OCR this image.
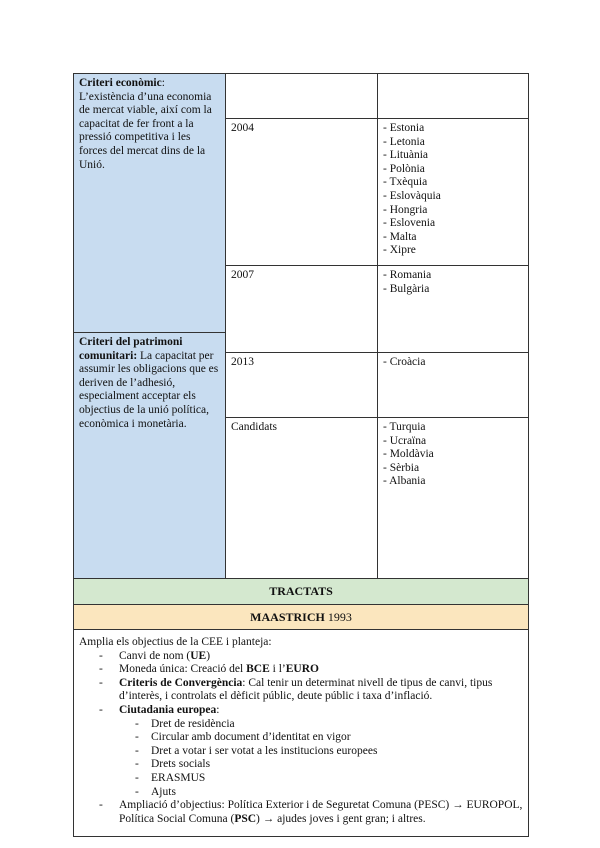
Criteri econòmic:
L’existència d’una economia de mercat viable, així com la capacitat de fer front a la pressió competitiva i les forces del mercat dins de la Unió.
Criteri del patrimoni comunitari: La capacitat per assumir les obligacions que es deriven de l’adhesió, especialment acceptar els objectius de la unió política, econòmica i monetària.
2004	- Estonia
- Letonia
- Lituània
- Polònia
- Txèquia
- Eslovàquia
- Hongria
- Eslovenia
- Malta
- Xipre
2007	- Romania
- Bulgària
2013	- Croàcia
Candidats	- Turquia
- Ucraïna
- Moldàvia
- Sèrbia
- Albania
TRACTATS
MAASTRICH 1993
Amplia els objectius de la CEE i planteja:
- Canvi de nom (UE)
- Moneda única: Creació del BCE i l’EURO
- Criteris de Convergència: Cal tenir un determinat nivell de tipus de canvi, tipus d’interès, i controlats el dèficit públic, deute públic i taxa d’inflació.
- Ciutadania europea:
- Dret de residència
- Circular amb document d’identitat en vigor
- Dret a votar i ser votat a les institucions europees
- Drets socials
- ERASMUS
- Ajuts
- Ampliació d’objectius: Política Exterior i de Seguretat Comuna (PESC) → EUROPOL, Política Social Comuna (PSC) → ajudes joves i gent gran; i altres.
